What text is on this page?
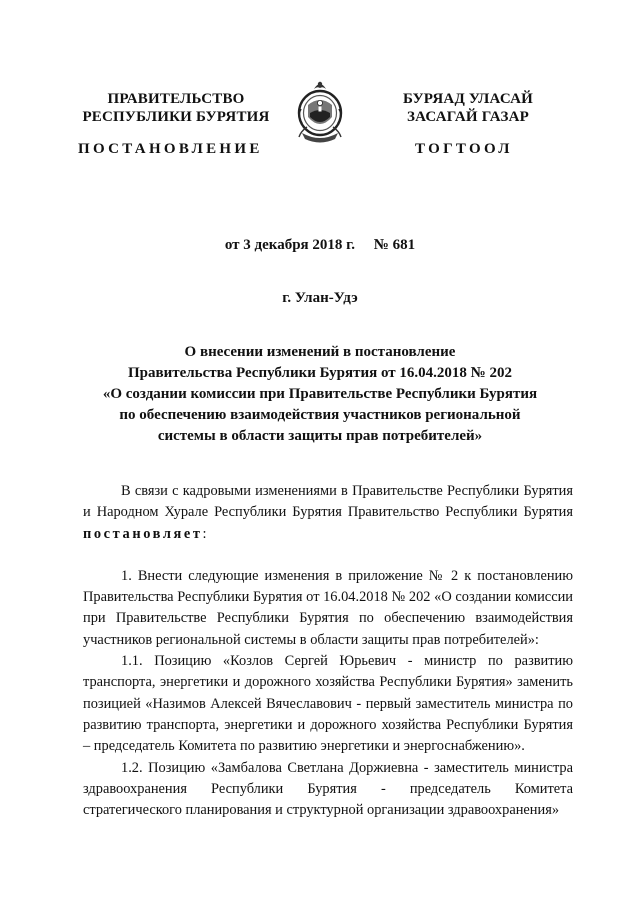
ПРАВИТЕЛЬСТВО
РЕСПУБЛИКИ БУРЯТИЯ
БУРЯАД УЛАСАЙ
ЗАСАГАЙ ГАЗАР
ПОСТАНОВЛЕНИЕ	ТОГТООЛ
от 3 декабря 2018 г.     № 681
г. Улан-Удэ
О внесении изменений в постановление
Правительства Республики Бурятия от 16.04.2018 № 202
«О создании комиссии при Правительстве Республики Бурятия
по обеспечению взаимодействия участников региональной
системы в области защиты прав потребителей»

В связи с кадровыми изменениями в Правительстве Республики Бурятия и Народном Хурале Республики Бурятия Правительство Республики Бурятия постановляет:

1. Внести следующие изменения в приложение № 2 к постановлению Правительства Республики Бурятия от 16.04.2018 № 202 «О создании комиссии при Правительстве Республики Бурятия по обеспечению взаимодействия участников региональной системы в области защиты прав потребителей»:

1.1. Позицию «Козлов Сергей Юрьевич - министр по развитию транспорта, энергетики и дорожного хозяйства Республики Бурятия» заменить позицией «Назимов Алексей Вячеславович - первый заместитель министра по развитию транспорта, энергетики и дорожного хозяйства Республики Бурятия – председатель Комитета по развитию энергетики и энергоснабжению».

1.2. Позицию «Замбалова Светлана Доржиевна - заместитель министра здравоохранения Республики Бурятия - председатель Комитета стратегического планирования и структурной организации здравоохранения»
